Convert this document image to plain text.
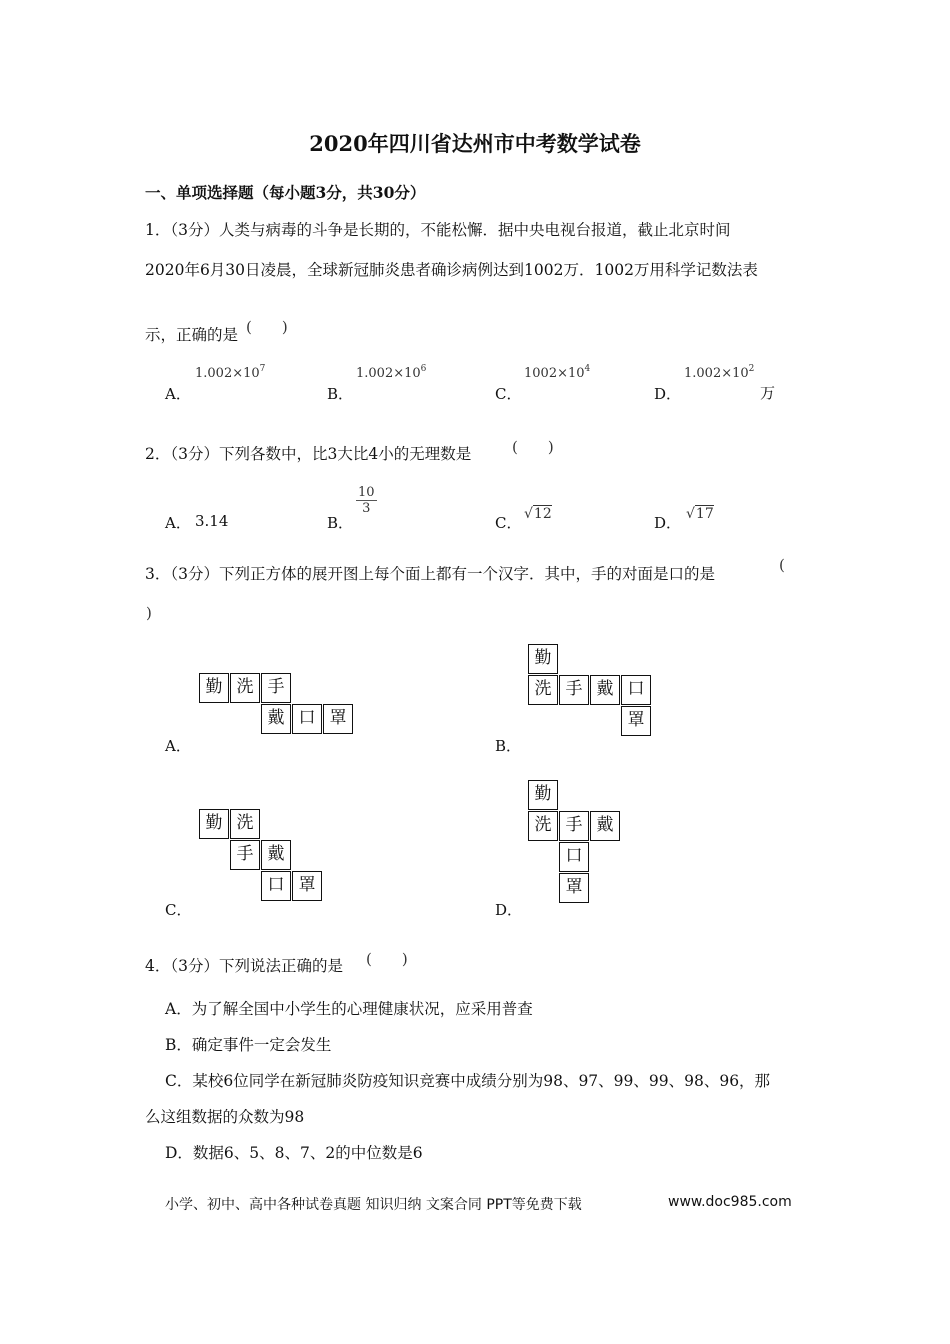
2020年四川省达州市中考数学试卷
一、单项选择题（每小题3分，共30分）
1．（3分）人类与病毒的斗争是长期的，不能松懈．据中央电视台报道，截止北京时间
2020年6月30日凌晨，全球新冠肺炎患者确诊病例达到1002万．1002万用科学记数法表
示，正确的是 (　　)
A．
$1.002\times 10^7$
B．
$1.002\times 10^6$
C．
$1002\times 10^4$
D．
$1.002\times 10^2$
万
2．（3分）下列各数中，比3大比4小的无理数是	(　　)
A． 3.14	B．
$\frac{10}{3}$
C． √12	D． √17
3．（3分）下列正方体的展开图上每个面上都有一个汉字．其中，手的对面是口的是	(
)
勤 洗 手
戴 口 罩
A．
勤
洗 手 戴 口
罩
B．
勤 洗
手 戴
口 罩
C．
勤
洗 手 戴
口
罩
D．
4．（3分）下列说法正确的是 (　　)
A．为了解全国中小学生的心理健康状况，应采用普查
B．确定事件一定会发生
C．某校6位同学在新冠肺炎防疫知识竞赛中成绩分别为98、97、99、99、98、96，那
么这组数据的众数为98
D．数据6、5、8、7、2的中位数是6
小学、初中、高中各种试卷真题 知识归纳 文案合同 PPT等免费下载	www.doc985.com
